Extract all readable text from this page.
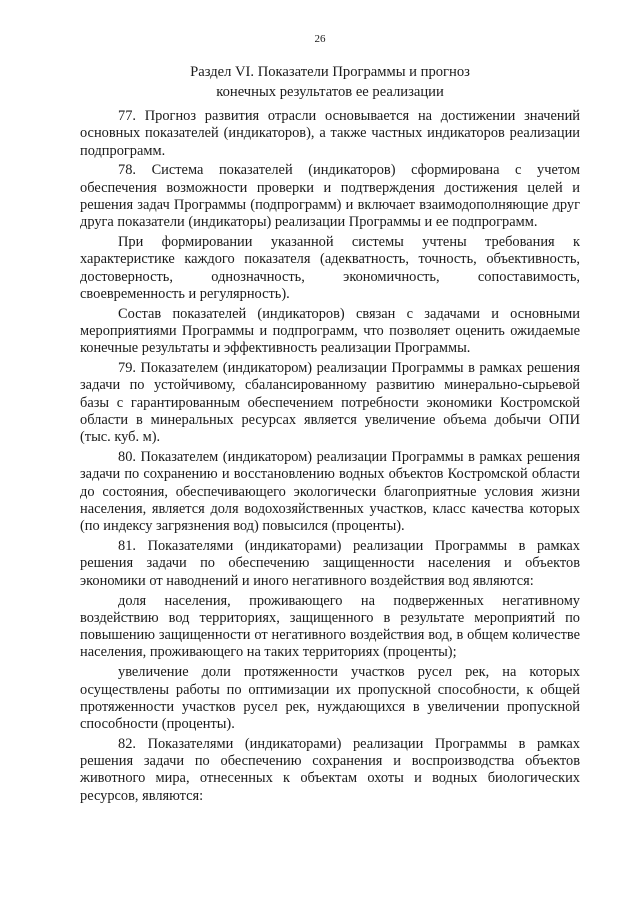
26
Раздел VI. Показатели Программы и прогноз
конечных результатов ее реализации

77. Прогноз развития отрасли основывается на достижении значений основных показателей (индикаторов), а также частных индикаторов реализации подпрограмм.

78. Система показателей (индикаторов) сформирована с учетом обеспечения возможности проверки и подтверждения достижения целей и решения задач Программы (подпрограмм) и включает взаимодополняющие друг друга показатели (индикаторы) реализации Программы и ее подпрограмм.

При формировании указанной системы учтены требования к характеристике каждого показателя (адекватность, точность, объективность, достоверность, однозначность, экономичность, сопоставимость, своевременность и регулярность).

Состав показателей (индикаторов) связан с задачами и основными мероприятиями Программы и подпрограмм, что позволяет оценить ожидаемые конечные результаты и эффективность реализации Программы.

79. Показателем (индикатором) реализации Программы в рамках решения задачи по устойчивому, сбалансированному развитию минерально-сырьевой базы с гарантированным обеспечением потребности экономики Костромской области в минеральных ресурсах является увеличение объема добычи ОПИ (тыс. куб. м).

80. Показателем (индикатором) реализации Программы в рамках решения задачи по сохранению и восстановлению водных объектов Костромской области до состояния, обеспечивающего экологически благоприятные условия жизни населения, является доля водохозяйственных участков, класс качества которых (по индексу загрязнения вод) повысился (проценты).

81. Показателями (индикаторами) реализации Программы в рамках решения задачи по обеспечению защищенности населения и объектов экономики от наводнений и иного негативного воздействия вод являются:

доля населения, проживающего на подверженных негативному воздействию вод территориях, защищенного в результате мероприятий по повышению защищенности от негативного воздействия вод, в общем количестве населения, проживающего на таких территориях (проценты);

увеличение доли протяженности участков русел рек, на которых осуществлены работы по оптимизации их пропускной способности, к общей протяженности участков русел рек, нуждающихся в увеличении пропускной способности (проценты).

82. Показателями (индикаторами) реализации Программы в рамках решения задачи по обеспечению сохранения и воспроизводства объектов животного мира, отнесенных к объектам охоты и водных биологических ресурсов, являются:
